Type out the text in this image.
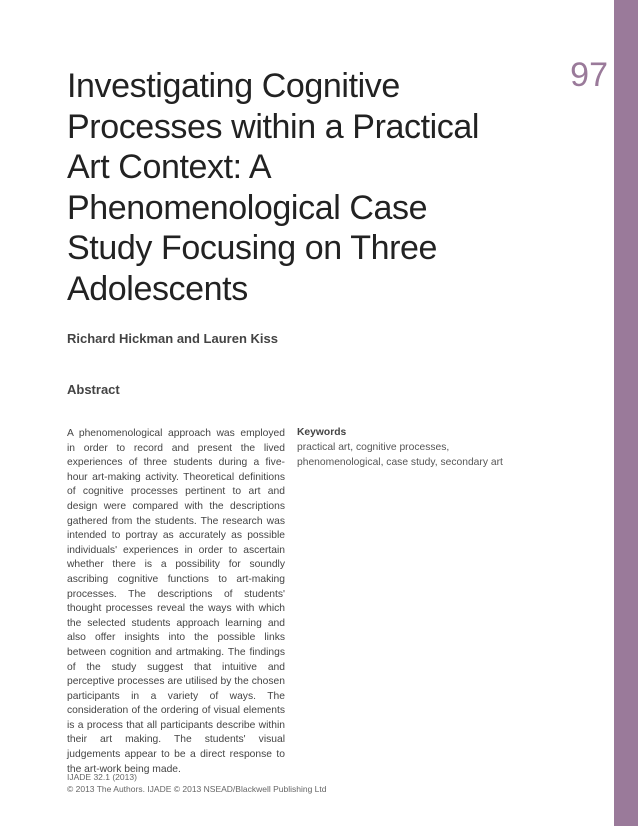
97
Investigating Cognitive Processes within a Practical Art Context: A Phenomenological Case Study Focusing on Three Adolescents
Richard Hickman and Lauren Kiss
Abstract

A phenomenological approach was employed in order to record and present the lived experiences of three students during a five-hour art-making activity. Theoretical definitions of cognitive processes pertinent to art and design were compared with the descriptions gathered from the students. The research was intended to portray as accurately as possible individuals' experiences in order to ascertain whether there is a possibility for soundly ascribing cognitive functions to art-making processes. The descriptions of students' thought processes reveal the ways with which the selected students approach learning and also offer insights into the possible links between cognition and artmaking. The findings of the study suggest that intuitive and perceptive processes are utilised by the chosen participants in a variety of ways. The consideration of the ordering of visual elements is a process that all participants describe within their art making. The students' visual judgements appear to be a direct response to the art-work being made.

Keywords

practical art, cognitive processes, phenomenological, case study, secondary art

IJADE 32.1 (2013)
© 2013 The Authors. IJADE © 2013 NSEAD/Blackwell Publishing Ltd
